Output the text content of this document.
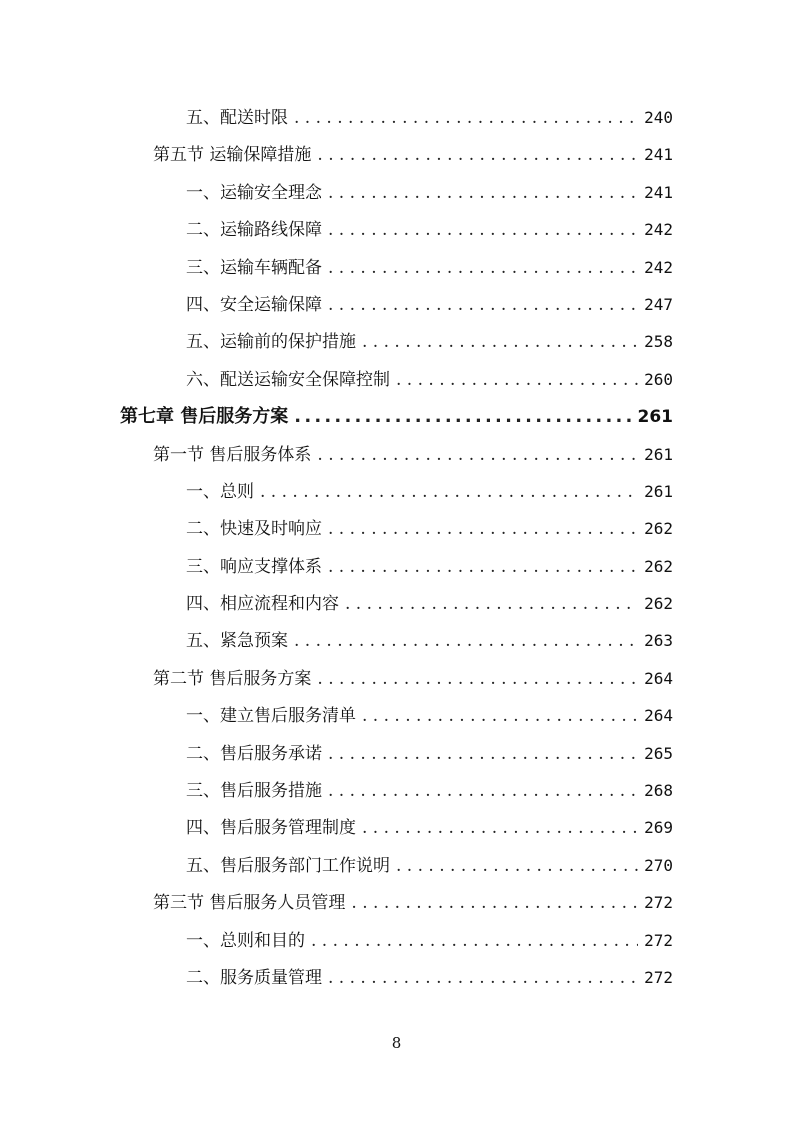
五、配送时限 . . .	240
第五节 运输保障措施 . . .	241
一、运输安全理念 . . .	241
二、运输路线保障 . . .	242
三、运输车辆配备 . . .	242
四、安全运输保障 . . .	247
五、运输前的保护措施 . . .	258
六、配送运输安全保障控制 . . .	260
第七章 售后服务方案 .....	261
第一节 售后服务体系 . . .	261
一、总则 . . .	261
二、快速及时响应 . . .	262
三、响应支撑体系 . . .	262
四、相应流程和内容 . . .	262
五、紧急预案 . . .	263
第二节 售后服务方案 . . .	264
一、建立售后服务清单 . . .	264
二、售后服务承诺 . . .	265
三、售后服务措施 . . .	268
四、售后服务管理制度 . . .	269
五、售后服务部门工作说明 . . .	270
第三节 售后服务人员管理 . . .	272
一、总则和目的 . . .	272
二、服务质量管理 . . .	272
8
